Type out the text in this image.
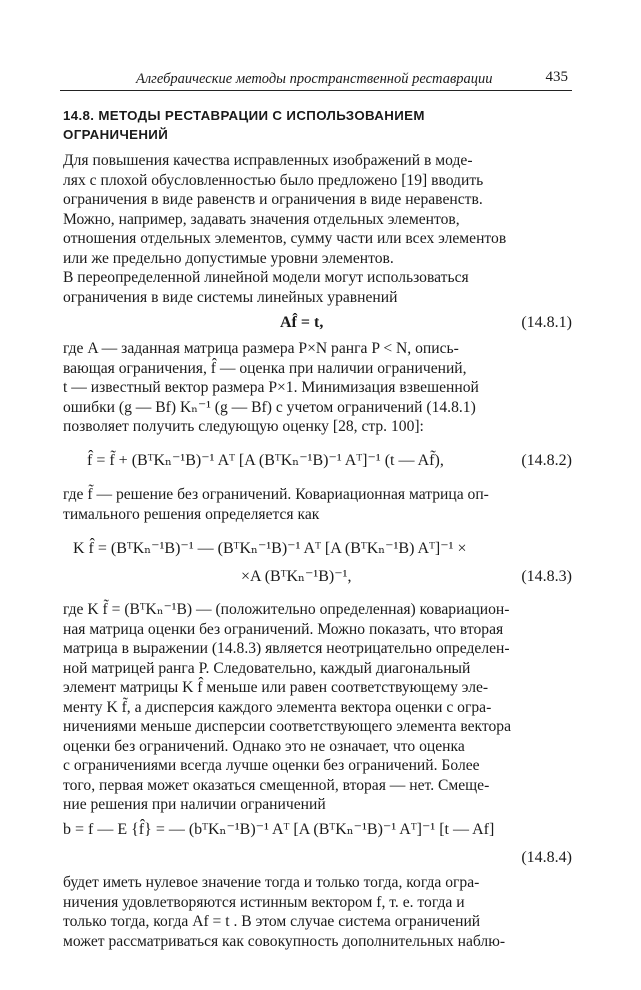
Алгебраические методы пространственной реставрации	435
14.8. МЕТОДЫ РЕСТАВРАЦИИ С ИСПОЛЬЗОВАНИЕМ
ОГРАНИЧЕНИЙ
Для повышения качества исправленных изображений в моде-
лях с плохой обусловленностью было предложено [19] вводить
ограничения в виде равенств и ограничения в виде неравенств.
Можно, например, задавать значения отдельных элементов,
отношения отдельных элементов, сумму части или всех элементов
или же предельно допустимые уровни элементов.
В переопределенной линейной модели могут использоваться
ограничения в виде системы линейных уравнений
Af̂ = t,	(14.8.1)
где A — заданная матрица размера P×N ранга P < N, опись-
вающая ограничения, f̂ — оценка при наличии ограничений,
t — известный вектор размера P×1. Минимизация взвешенной
ошибки (g — Bf) Kₙ⁻¹ (g — Bf) с учетом ограничений (14.8.1)
позволяет получить следующую оценку [28, стр. 100]:
f̂ = f̃ + (BᵀKₙ⁻¹B)⁻¹ Aᵀ [A (BᵀKₙ⁻¹B)⁻¹ Aᵀ]⁻¹ (t — Af̃),	(14.8.2)
где f̃ — решение без ограничений. Ковариационная матрица оп-
тимального решения определяется как
K f̂ = (BᵀKₙ⁻¹B)⁻¹ — (BᵀKₙ⁻¹B)⁻¹ Aᵀ [A (BᵀKₙ⁻¹B) Aᵀ]⁻¹ ×
×A (BᵀKₙ⁻¹B)⁻¹,	(14.8.3)
где K f̃ = (BᵀKₙ⁻¹B) — (положительно определенная) ковариацион-
ная матрица оценки без ограничений. Можно показать, что вторая
матрица в выражении (14.8.3) является неотрицательно определен-
ной матрицей ранга P. Следовательно, каждый диагональный
элемент матрицы K f̂ меньше или равен соответствующему эле-
менту K f̃, а дисперсия каждого элемента вектора оценки с огра-
ничениями меньше дисперсии соответствующего элемента вектора
оценки без ограничений. Однако это не означает, что оценка
с ограничениями всегда лучше оценки без ограничений. Более
того, первая может оказаться смещенной, вторая — нет. Смеще-
ние решения при наличии ограничений
b = f — E {f̂} = — (bᵀKₙ⁻¹B)⁻¹ Aᵀ [A (BᵀKₙ⁻¹B)⁻¹ Aᵀ]⁻¹ [t — Af]
(14.8.4)
будет иметь нулевое значение тогда и только тогда, когда огра-
ничения удовлетворяются истинным вектором f, т. е. тогда и
только тогда, когда Af = t . В этом случае система ограничений
может рассматриваться как совокупность дополнительных наблю-
